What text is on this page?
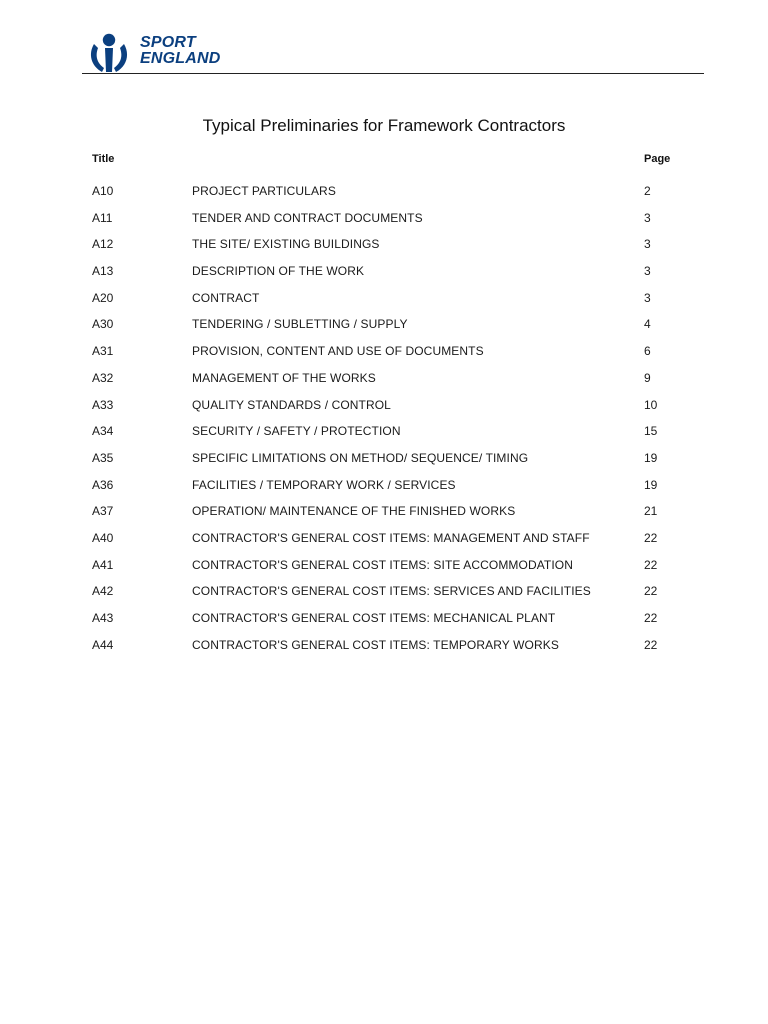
SPORT
ENGLAND
Typical Preliminaries for Framework Contractors
Title	Page
A10	PROJECT PARTICULARS	2
A11	TENDER AND CONTRACT DOCUMENTS	3
A12	THE SITE/ EXISTING BUILDINGS	3
A13	DESCRIPTION OF THE WORK	3
A20	CONTRACT	3
A30	TENDERING / SUBLETTING / SUPPLY	4
A31	PROVISION, CONTENT AND USE OF DOCUMENTS	6
A32	MANAGEMENT OF THE WORKS	9
A33	QUALITY STANDARDS / CONTROL	10
A34	SECURITY / SAFETY / PROTECTION	15
A35	SPECIFIC LIMITATIONS ON METHOD/ SEQUENCE/ TIMING	19
A36	FACILITIES / TEMPORARY WORK / SERVICES	19
A37	OPERATION/ MAINTENANCE OF THE FINISHED WORKS	21
A40	CONTRACTOR'S GENERAL COST ITEMS: MANAGEMENT AND STAFF	22
A41	CONTRACTOR'S GENERAL COST ITEMS: SITE ACCOMMODATION	22
A42	CONTRACTOR'S GENERAL COST ITEMS: SERVICES AND FACILITIES	22
A43	CONTRACTOR'S GENERAL COST ITEMS: MECHANICAL PLANT	22
A44	CONTRACTOR'S GENERAL COST ITEMS: TEMPORARY WORKS	22
